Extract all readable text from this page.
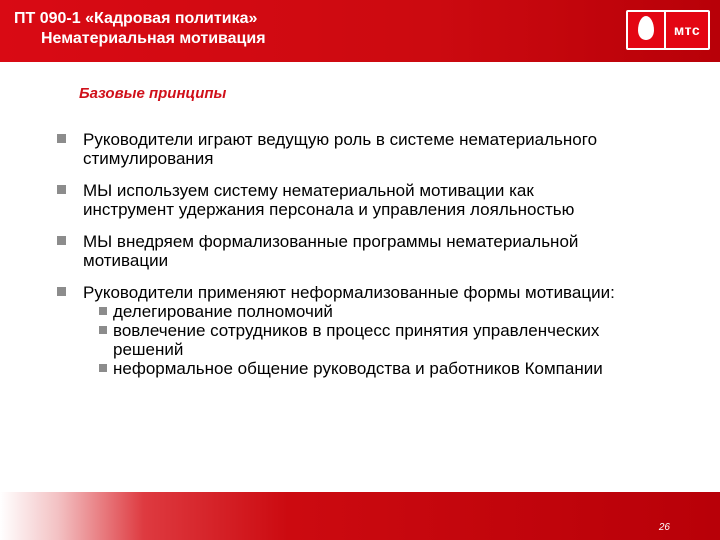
ПТ 090-1 «Кадровая политика»
Нематериальная мотивация	мтс
Базовые принципы
Руководители играют ведущую роль в системе нематериального стимулирования
МЫ используем систему нематериальной мотивации как инструмент удержания персонала и управления лояльностью
МЫ внедряем формализованные программы нематериальной мотивации
Руководители применяют неформализованные формы мотивации:
делегирование полномочий
вовлечение сотрудников в процесс принятия управленческих решений
неформальное общение руководства и работников Компании
26
